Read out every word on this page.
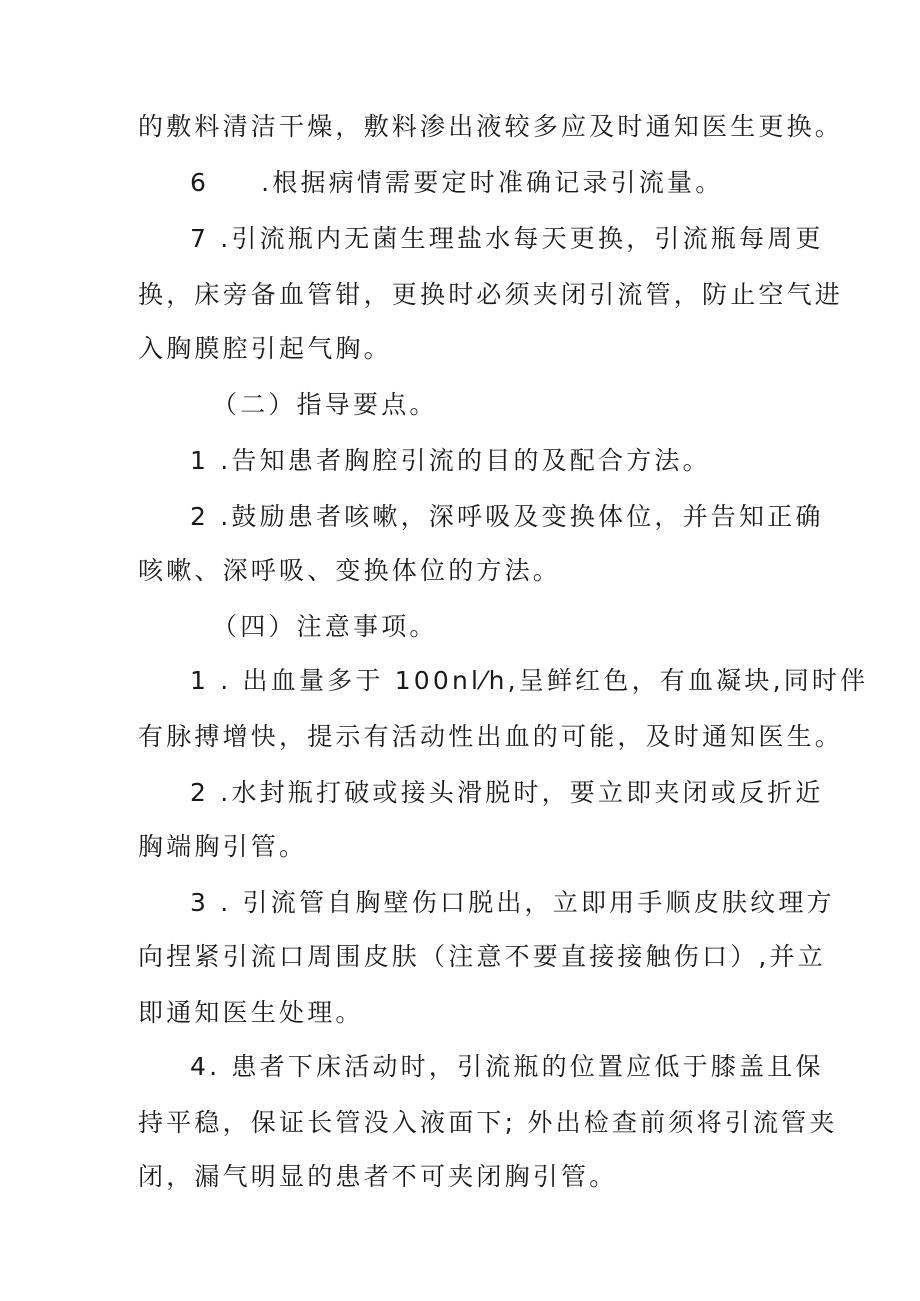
的敷料清洁干燥，敷料渗出液较多应及时通知医生更换。
6 .根据病情需要定时准确记录引流量。
7 .引流瓶内无菌生理盐水每天更换，引流瓶每周更
换，床旁备血管钳，更换时必须夹闭引流管，防止空气进
入胸膜腔引起气胸。
（二）指导要点。
1 .告知患者胸腔引流的目的及配合方法。
2 .鼓励患者咳嗽，深呼吸及变换体位，并告知正确
咳嗽、深呼吸、变换体位的方法。
（四）注意事项。
1 . 出血量多于 100nl⁄h,呈鲜红色，有血凝块,同时伴
有脉搏增快，提示有活动性出血的可能，及时通知医生。
2 .水封瓶打破或接头滑脱时，要立即夹闭或反折近
胸端胸引管。
3 . 引流管自胸壁伤口脱出，立即用手顺皮肤纹理方
向捏紧引流口周围皮肤（注意不要直接接触伤口）,并立
即通知医生处理。
4. 患者下床活动时，引流瓶的位置应低于膝盖且保
持平稳，保证长管没入液面下; 外出检查前须将引流管夹
闭，漏气明显的患者不可夹闭胸引管。
